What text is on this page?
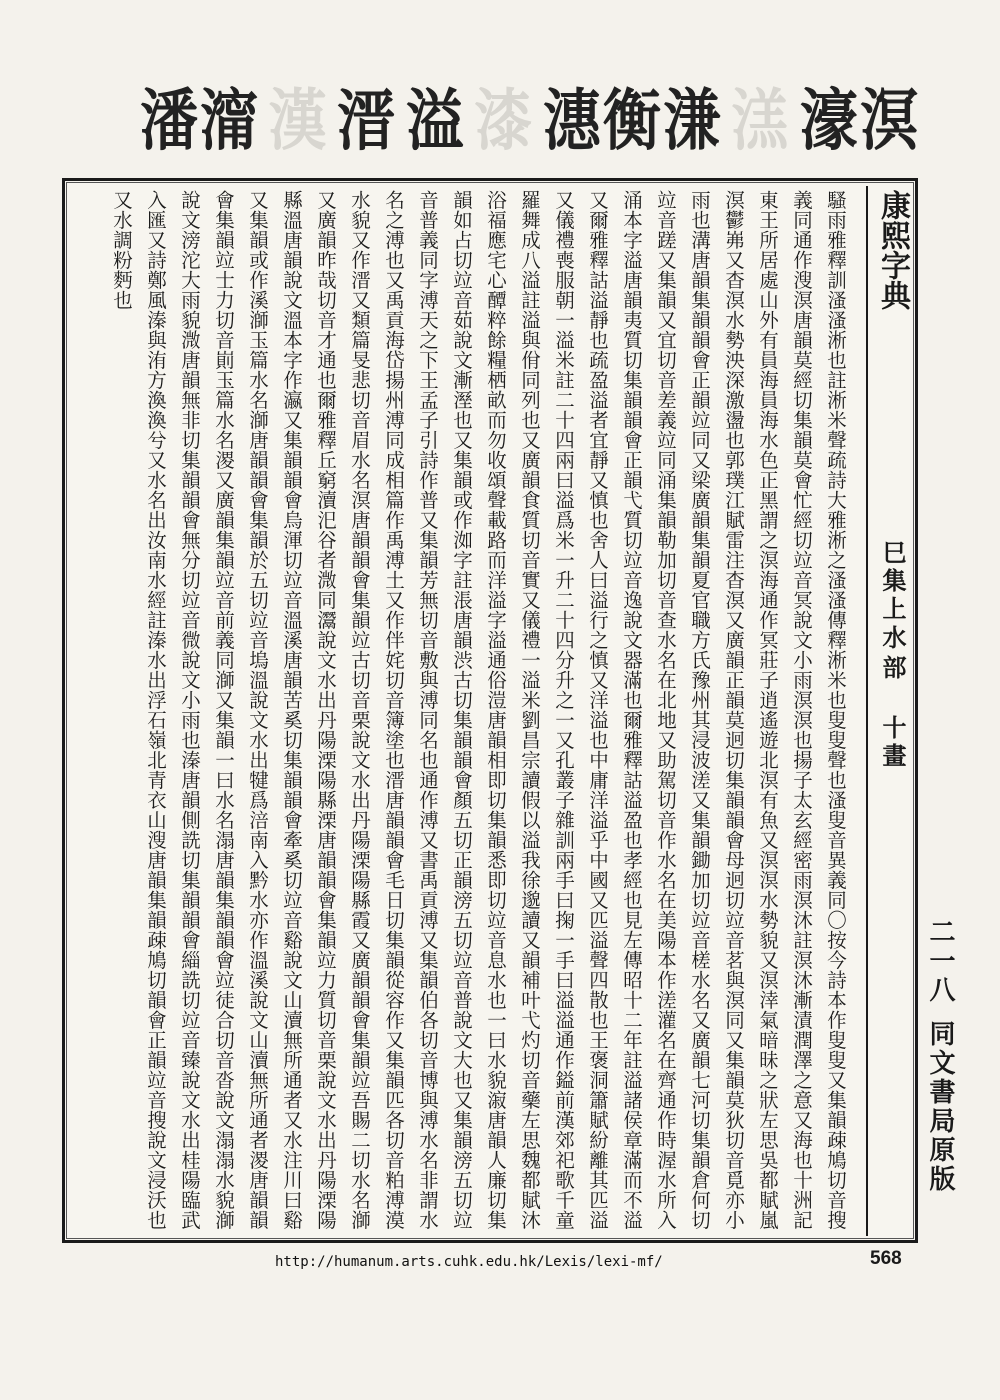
潘澝 漢 溍 溢 漆 潓衡溓 溔 濠溟
騷雨雅釋訓溞溞淅也註淅米聲疏詩大雅淅之溞溞傳釋淅米也叟叟聲也溞叟音異義同〇按今詩本作叟叟又集韻疎鳩切音搜義同通作溲溟唐韻莫經切集韻莫會忙經切竝音冥說文小雨溟溟也揚子太玄經密雨溟沐註溟沐漸漬潤澤之意又海也十洲記東王所居處山外有員海員海水色正黑謂之溟海通作冥莊子逍遙遊北溟有魚又溟溟水勢貌又溟涬氣暗昧之狀左思吳都賦嵐溟鬱岪又杳溟水勢泱深激盪也郭璞江賦雷注杳溟又廣韻正韻莫迥切集韻韻會母迥切竝音茗與溟同又集韻莫狄切音覓亦小雨也溝唐韻集韻韻會正韻竝同又梁廣韻集韻夏官職方氏豫州其浸波溠又集韻鋤加切竝音槎水名又廣韻七河切集韻倉何切竝音蹉又集韻又宜切音差義竝同涌集韻勒加切音查水名在北地又助駕切音作水名在美陽本作溠灌名在齊通作時渥水所入涌本字溢唐韻夷質切集韻韻會正韻弋質切竝音逸說文器滿也爾雅釋詁溢盈也孝經也見左傳昭十二年註溢諸侯章滿而不溢又爾雅釋詁溢靜也疏盈溢者宜靜又慎也舍人曰溢行之慎又洋溢也中庸洋溢乎中國又匹溢聲四散也王褒洞簫賦紛離其匹溢又儀禮喪服朝一溢米註二十四兩曰溢爲米一升二十四分升之一又孔叢子雜訓兩手曰掬一手曰溢溢通作鎰前漢郊祀歌千童羅舞成八溢註溢與佾同列也又廣韻食質切音實又儀禮一溢米劉昌宗讀假以溢我徐邈讀又韻補叶弋灼切音藥左思魏都賦沐浴福應宅心醰粹餘糧栖畝而勿收頌聲載路而洋溢字溢通俗溰唐韻相即切集韻悉即切竝音息水也一曰水貌漃唐韻人廉切集韻如占切竝音茹說文漸溼也又集韻或作洳字註涱唐韻渋古切集韻韻會顏五切正韻滂五切竝音普說文大也又集韻滂五切竝音普義同字溥天之下王孟子引詩作普又集韻芳無切音敷與溥同名也通作溥又書禹貢溥又集韻伯各切音博與溥水名非謂水名之溥也又禹貢海岱揚州溥同成相篇作禹溥土又作伴姹切音簿塗也溍唐韻韻會毛日切集韻從容作又集韻匹各切音粕溥漠水貌又作溍又類篇旻悲切音眉水名溟唐韻韻會集韻竝古切音栗說文水出丹陽溧陽縣霞又廣韻韻會集韻竝吾賜二切水名溮又廣韻昨哉切音才通也爾雅釋丘窮瀆汜谷者溦同灊說文水出丹陽溧陽縣溧唐韻韻會集韻竝力質切音栗說文水出丹陽溧陽縣溫唐韻說文溫本字作瀛又集韻韻會烏渾切竝音溫溪唐韻苦奚切集韻韻會牽奚切竝音谿說文山瀆無所通者又水注川曰谿又集韻或作溪溮玉篇水名溮唐韻韻會集韻於五切竝音塢溫說文水出犍爲涪南入黔水亦作溫溪說文山瀆無所通者溭唐韻韻會集韻竝士力切音崱玉篇水名溭又廣韻集韻竝音前義同溮又集韻一曰水名溻唐韻集韻韻會竝徒合切音沓說文溻溻水貌溮說文滂沱大雨貌溦唐韻無非切集韻韻會無分切竝音微說文小雨也溱唐韻側詵切集韻韻會緇詵切竝音臻說文水出桂陽臨武入匯又詩鄭風溱與洧方渙渙兮又水名出汝南水經註溱水出浮石嶺北青衣山溲唐韻集韻疎鳩切韻會正韻竝音搜說文浸沃也又水調粉麪也	康熙字典
巳集上
水部
十畫
二一八
同文書局原版
http://humanum.arts.cuhk.edu.hk/Lexis/lexi-mf/	568
